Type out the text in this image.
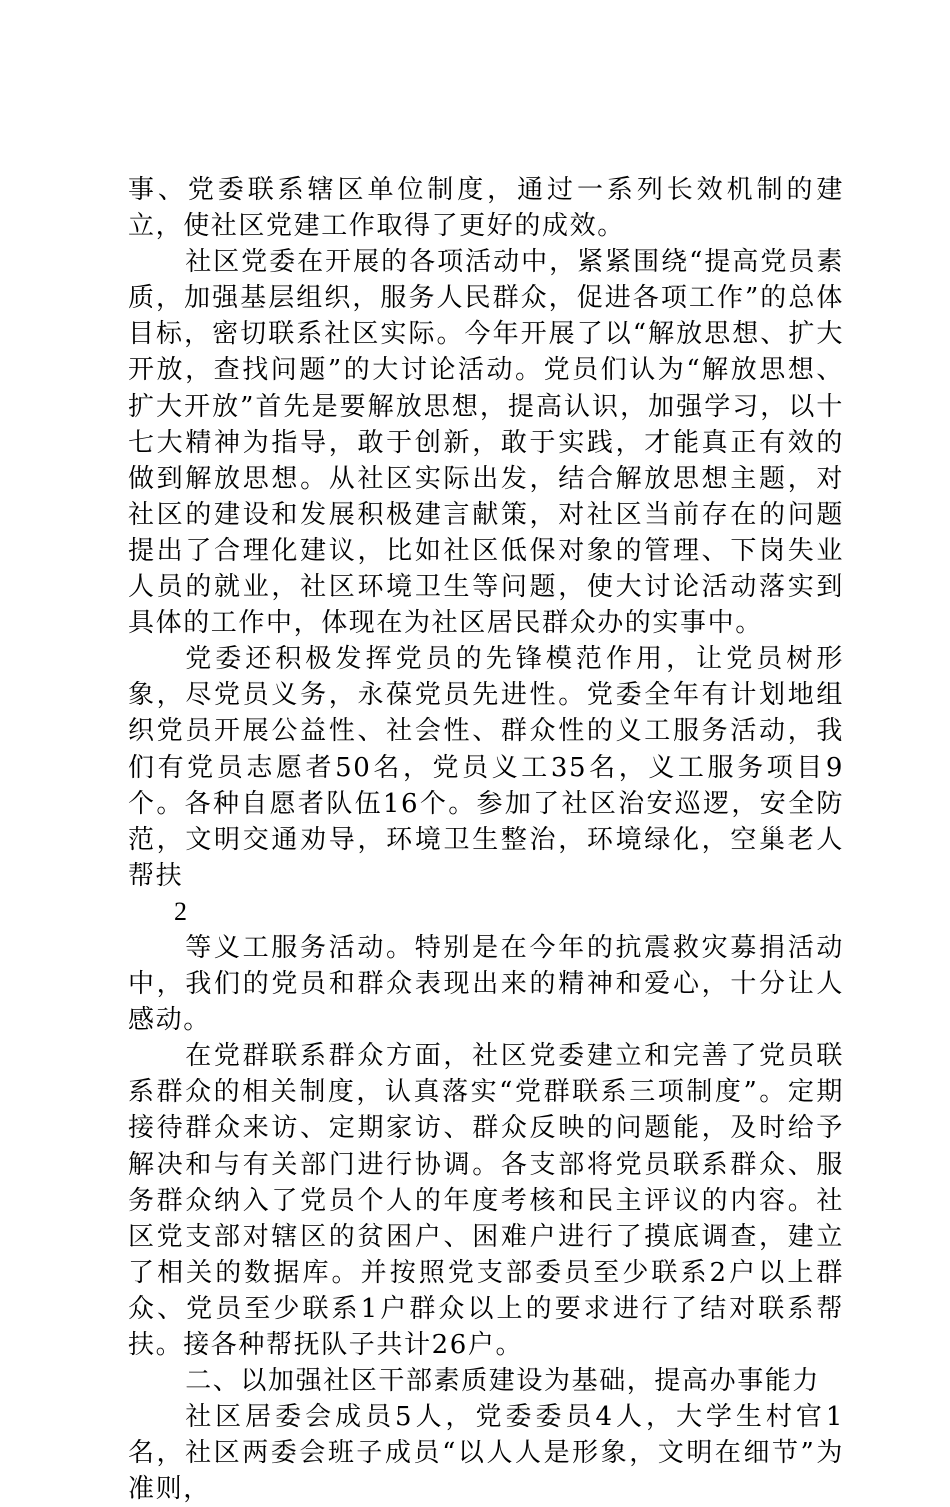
事、党委联系辖区单位制度，通过一系列长效机制的建立，使社区党建工作取得了更好的成效。

社区党委在开展的各项活动中，紧紧围绕“提高党员素质，加强基层组织，服务人民群众，促进各项工作”的总体目标，密切联系社区实际。今年开展了以“解放思想、扩大开放，查找问题”的大讨论活动。党员们认为“解放思想、扩大开放”首先是要解放思想，提高认识，加强学习，以十七大精神为指导，敢于创新，敢于实践，才能真正有效的做到解放思想。从社区实际出发，结合解放思想主题，对社区的建设和发展积极建言献策，对社区当前存在的问题提出了合理化建议，比如社区低保对象的管理、下岗失业人员的就业，社区环境卫生等问题，使大讨论活动落实到具体的工作中，体现在为社区居民群众办的实事中。

党委还积极发挥党员的先锋模范作用，让党员树形象，尽党员义务，永葆党员先进性。党委全年有计划地组织党员开展公益性、社会性、群众性的义工服务活动，我们有党员志愿者50名，党员义工35名，义工服务项目9个。各种自愿者队伍16个。参加了社区治安巡逻，安全防范，文明交通劝导，环境卫生整治，环境绿化，空巢老人帮扶

2

等义工服务活动。特别是在今年的抗震救灾募捐活动中，我们的党员和群众表现出来的精神和爱心，十分让人感动。

在党群联系群众方面，社区党委建立和完善了党员联系群众的相关制度，认真落实“党群联系三项制度”。定期接待群众来访、定期家访、群众反映的问题能，及时给予解决和与有关部门进行协调。各支部将党员联系群众、服务群众纳入了党员个人的年度考核和民主评议的内容。社区党支部对辖区的贫困户、困难户进行了摸底调查，建立了相关的数据库。并按照党支部委员至少联系2户以上群众、党员至少联系1户群众以上的要求进行了结对联系帮扶。接各种帮抚队子共计26户。

二、以加强社区干部素质建设为基础，提高办事能力

社区居委会成员5人，党委委员4人，大学生村官1名，社区两委会班子成员“以人人是形象，文明在细节”为准则，
